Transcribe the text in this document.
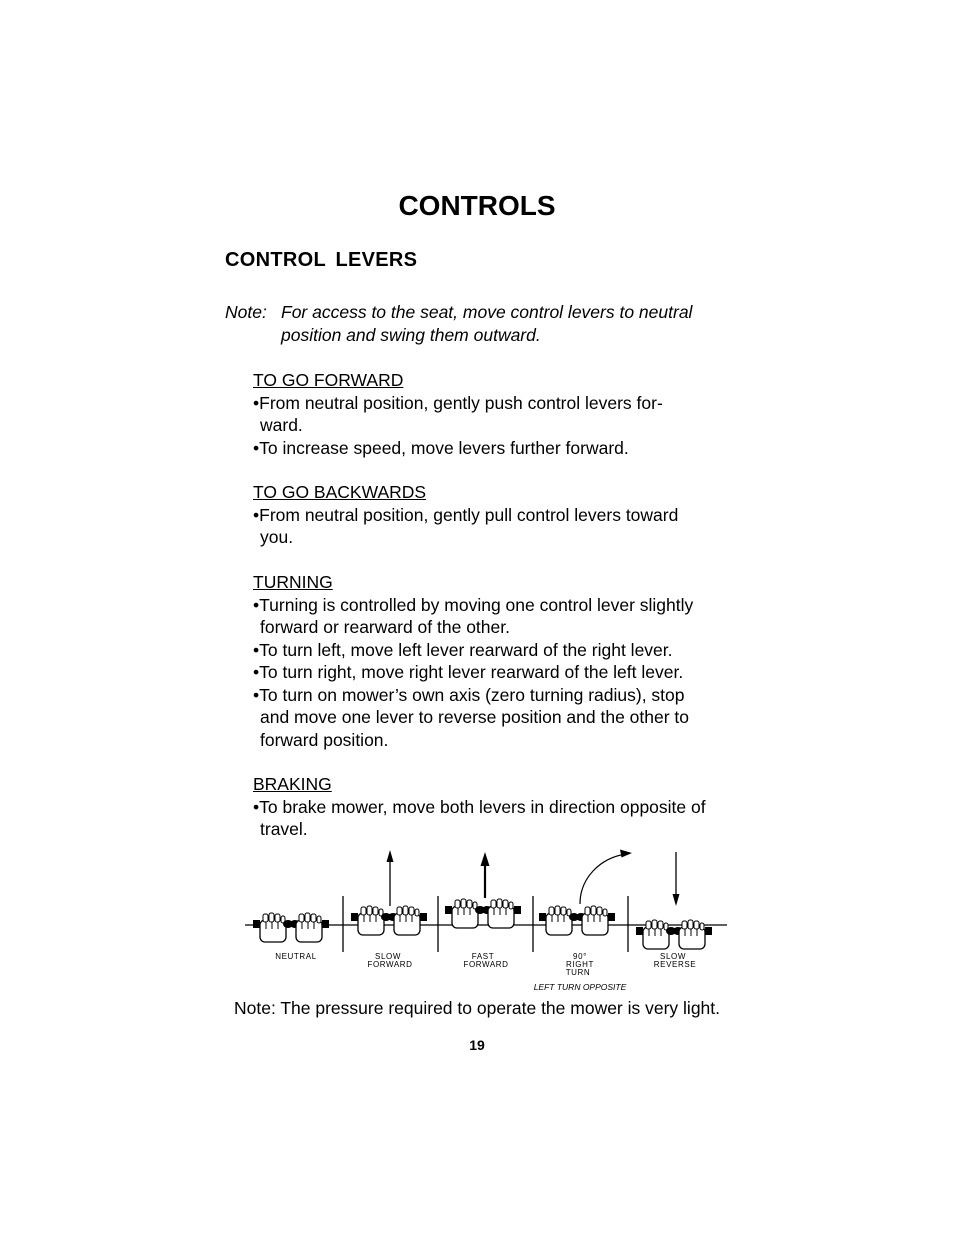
CONTROLS
CONTROL LEVERS
Note: For access to the seat, move control levers to neutral position and swing them outward.
TO GO FORWARD
•From neutral position, gently push control levers for-ward.
•To increase speed, move levers further forward.
TO GO BACKWARDS
•From neutral position, gently pull control levers toward you.
TURNING
•Turning is controlled by moving one control lever slightly forward or rearward of the other.
•To turn left, move left lever rearward of the right lever.
•To turn right, move right lever rearward of the left lever.
•To turn on mower’s own axis (zero turning radius), stop and move one lever to reverse position and the other to forward position.
BRAKING
•To brake mower, move both levers in direction opposite of travel.
NEUTRAL	SLOW
FORWARD
FAST
FORWARD
90°
RIGHT
TURN
SLOW
REVERSE
LEFT TURN OPPOSITE
Note: The pressure required to operate the mower is very light.
19
